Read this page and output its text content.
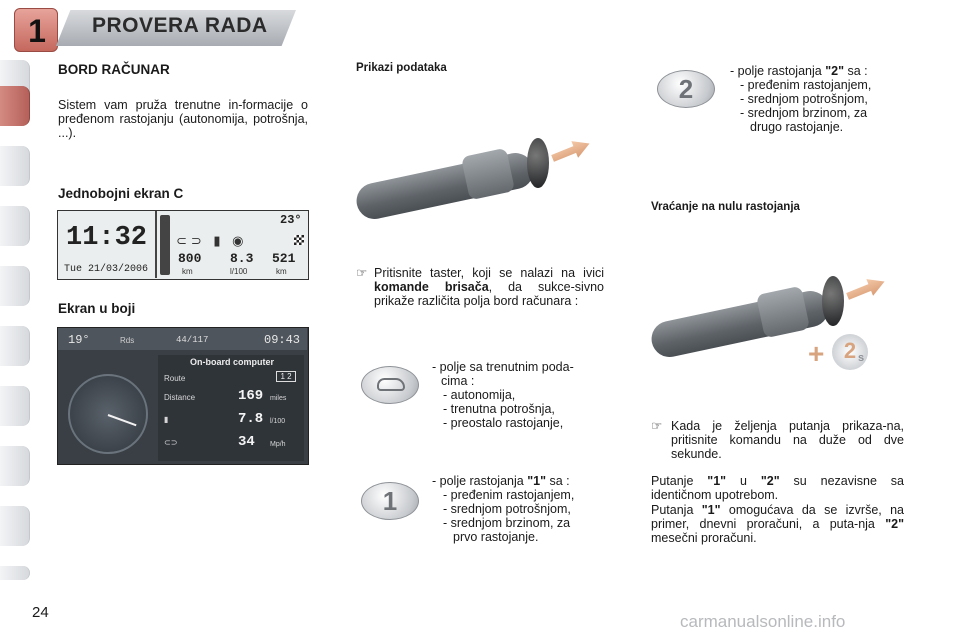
1	PROVERA RADA
BORD RAČUNAR
Sistem vam pruža trenutne in-formacije o pređenom rastojanju (autonomija, potrošnja, ...).
Jednobojni ekran C
11:32
Tue 21/03/2006
23°
⊂⊃ ▮ ◉
800 8.3 521
km	l/100	km
Ekran u boji
19°	Rds	44/117	09:43
On-board computer
Route	1 2
Distance	169 miles
▮	7.8 l/100
⊂⊃	34 Mp/h
Prikazi podataka
☞ Pritisnite taster, koji se nalazi na ivici komande brisača, da sukce-sivno prikaže različita polja bord računara :
- polje sa trenutnim poda-
cima :
- autonomija,
- trenutna potrošnja,
- preostalo rastojanje,
1
- polje rastojanja "1" sa :
- pređenim rastojanjem,
- srednjom potrošnjom,
- srednjom brzinom, za
prvo rastojanje.
2
- polje rastojanja "2" sa :
- pređenim rastojanjem,
- srednjom potrošnjom,
- srednjom brzinom, za
drugo rastojanje.
Vraćanje na nulu rastojanja
+ 2 s
☞ Kada je željenja putanja prikaza-na, pritisnite komandu na duže od dve sekunde.
Putanje "1" u "2" su nezavisne sa identičnom upotrebom.
Putanja "1" omogućava da se izvrše, na primer, dnevni proračuni, a puta-nja "2" mesečni proračuni.
24	carmanualsonline.info
